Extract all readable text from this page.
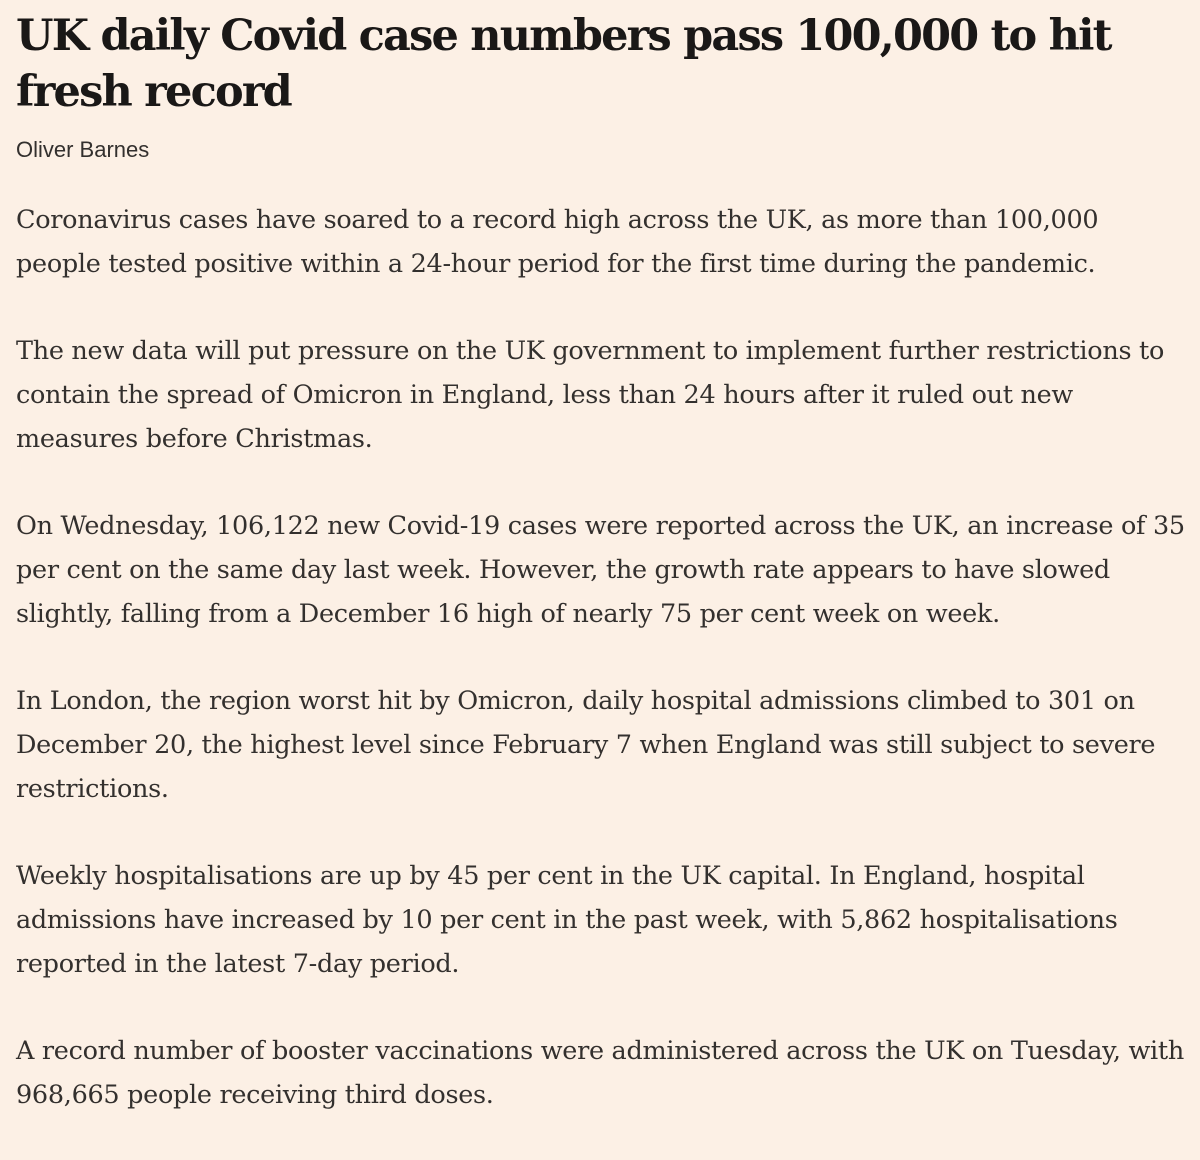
UK daily Covid case numbers pass 100,000 to hit fresh record

Oliver Barnes

Coronavirus cases have soared to a record high across the UK, as more than 100,000 people tested positive within a 24-hour period for the first time during the pandemic.

The new data will put pressure on the UK government to implement further restrictions to contain the spread of Omicron in England, less than 24 hours after it ruled out new measures before Christmas.

On Wednesday, 106,122 new Covid-19 cases were reported across the UK, an increase of 35 per cent on the same day last week. However, the growth rate appears to have slowed slightly, falling from a December 16 high of nearly 75 per cent week on week.

In London, the region worst hit by Omicron, daily hospital admissions climbed to 301 on December 20, the highest level since February 7 when England was still subject to severe restrictions.

Weekly hospitalisations are up by 45 per cent in the UK capital. In England, hospital admissions have increased by 10 per cent in the past week, with 5,862 hospitalisations reported in the latest 7-day period.

A record number of booster vaccinations were administered across the UK on Tuesday, with 968,665 people receiving third doses.
